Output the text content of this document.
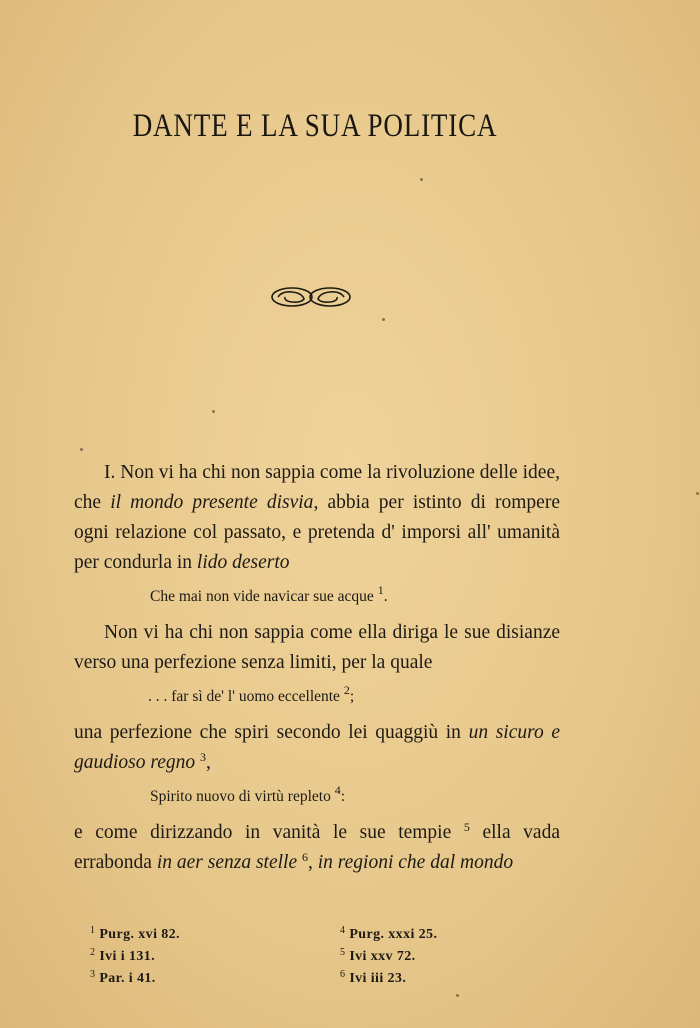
DANTE E LA SUA POLITICA

I. Non vi ha chi non sappia come la rivoluzione delle idee, che il mondo presente disvia, abbia per istinto di rompere ogni relazione col passato, e pretenda d' imporsi all' umanità per condurla in lido deserto

Che mai non vide navicar sue acque $^1$.

Non vi ha chi non sappia come ella diriga le sue disianze verso una perfezione senza limiti, per la quale

. . . far sì de' l' uomo eccellente $^2$;

una perfezione che spiri secondo lei quaggiù in un sicuro e gaudioso regno $^3$,

Spirito nuovo di virtù repleto $^4$:

e come dirizzando in vanità le sue tempie $^5$ ella vada errabonda in aer senza stelle $^6$, in regioni che dal mondo

$^1$ Purg. xvi 82.
$^2$ Ivi i 131.
$^3$ Par. i 41.
$^4$ Purg. xxxi 25.
$^5$ Ivi xxv 72.
$^6$ Ivi iii 23.
